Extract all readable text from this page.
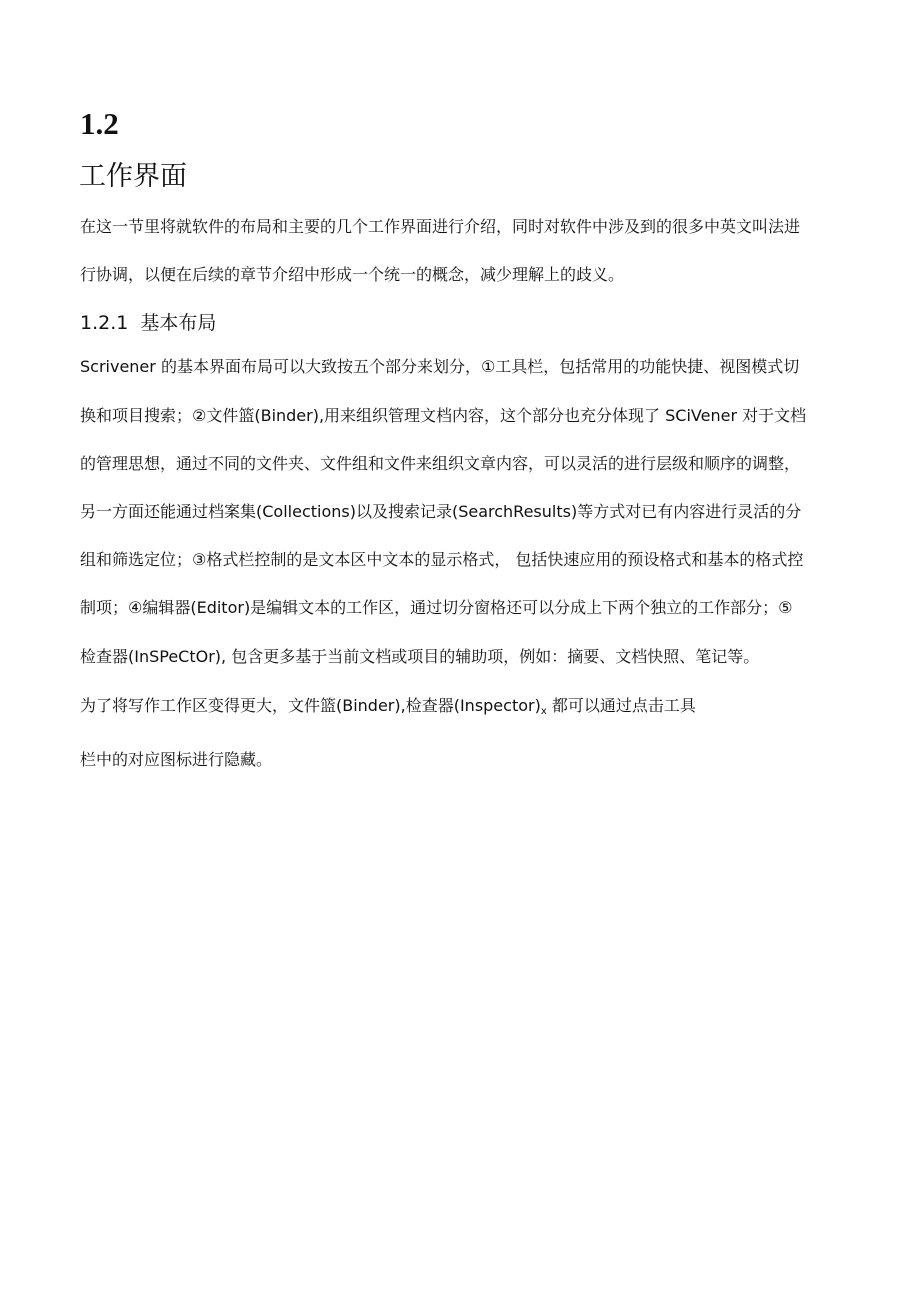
1.2
工作界面
在这一节里将就软件的布局和主要的几个工作界面进行介绍，同时对软件中涉及到的很多中英文叫法进
行协调，以便在后续的章节介绍中形成一个统一的概念，减少理解上的歧义。
1.2.1 基本布局
Scrivener 的基本界面布局可以大致按五个部分来划分，①工具栏，包括常用的功能快捷、视图模式切
换和项目搜索；②文件篮(Binder),用来组织管理文档内容，这个部分也充分体现了 SCiVener 对于文档
的管理思想，通过不同的文件夹、文件组和文件来组织文章内容，可以灵活的进行层级和顺序的调整，
另一方面还能通过档案集(Collections)以及搜索记录(SearchResults)等方式对已有内容进行灵活的分
组和筛选定位；③格式栏控制的是文本区中文本的显示格式， 包括快速应用的预设格式和基本的格式控
制项；④编辑器(Editor)是编辑文本的工作区，通过切分窗格还可以分成上下两个独立的工作部分；⑤
检查器(InSPeCtOr), 包含更多基于当前文档或项目的辅助项，例如：摘要、文档快照、笔记等。
为了将写作工作区变得更大，文件篮(Binder),检查器(Inspector)x 都可以通过点击工具
栏中的对应图标进行隐藏。
